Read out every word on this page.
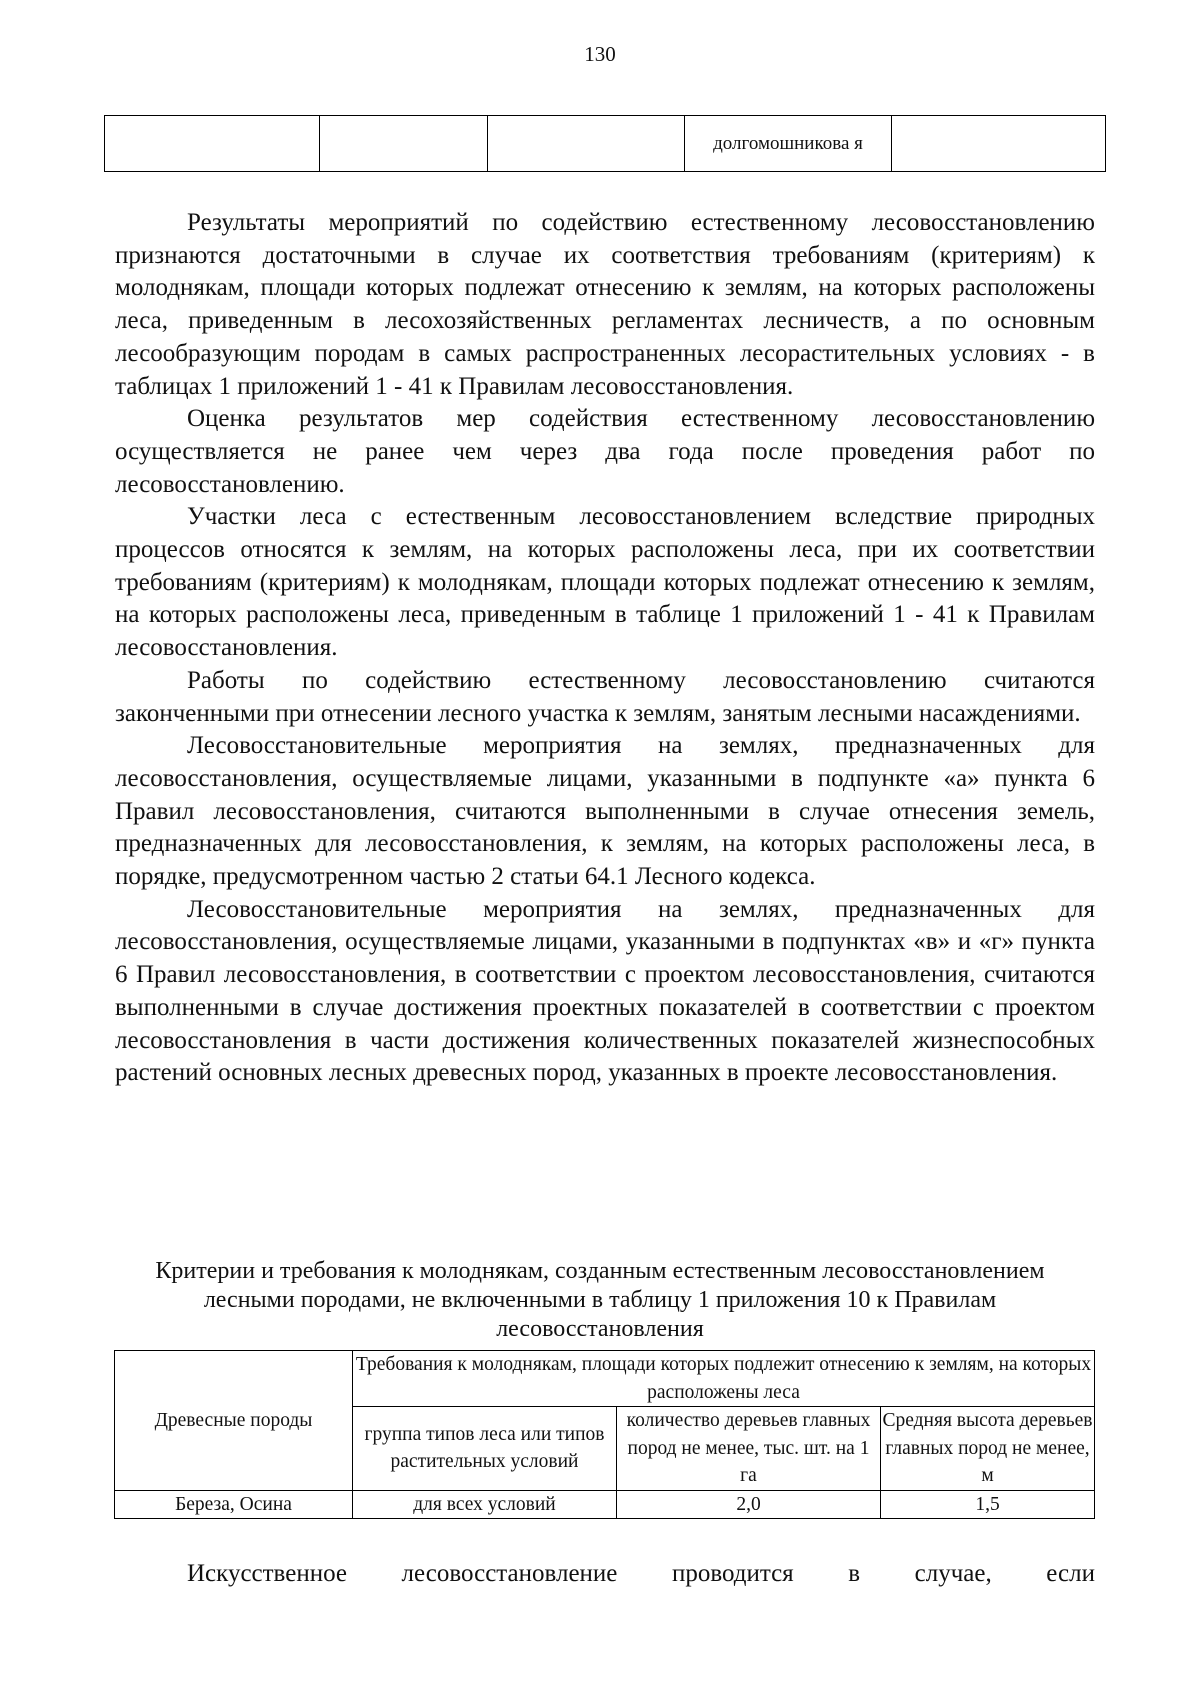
130
			долгомошникова я	

Результаты мероприятий по содействию естественному лесовосстановлению признаются достаточными в случае их соответствия требованиям (критериям) к молоднякам, площади которых подлежат отнесению к землям, на которых расположены леса, приведенным в лесохозяйственных регламентах лесничеств, а по основным лесообразующим породам в самых распространенных лесорастительных условиях - в таблицах 1 приложений 1 - 41 к Правилам лесовосстановления.

Оценка результатов мер содействия естественному лесовосстановлению осуществляется не ранее чем через два года после проведения работ по лесовосстановлению.

Участки леса с естественным лесовосстановлением вследствие природных процессов относятся к землям, на которых расположены леса, при их соответствии требованиям (критериям) к молоднякам, площади которых подлежат отнесению к землям, на которых расположены леса, приведенным в таблице 1 приложений 1 - 41 к Правилам лесовосстановления.

Работы по содействию естественному лесовосстановлению считаются законченными при отнесении лесного участка к землям, занятым лесными насаждениями.

Лесовосстановительные мероприятия на землях, предназначенных для лесовосстановления, осуществляемые лицами, указанными в подпункте «а» пункта 6 Правил лесовосстановления, считаются выполненными в случае отнесения земель, предназначенных для лесовосстановления, к землям, на которых расположены леса, в порядке, предусмотренном частью 2 статьи 64.1 Лесного кодекса.

Лесовосстановительные мероприятия на землях, предназначенных для лесовосстановления, осуществляемые лицами, указанными в подпунктах «в» и «г» пункта 6 Правил лесовосстановления, в соответствии с проектом лесовосстановления, считаются выполненными в случае достижения проектных показателей в соответствии с проектом лесовосстановления в части достижения количественных показателей жизнеспособных растений основных лесных древесных пород, указанных в проекте лесовосстановления.

Критерии и требования к молоднякам, созданным естественным лесовосстановлением лесными породами, не включенными в таблицу 1 приложения 10 к Правилам лесовосстановления
Древесные породы	Требования к молоднякам, площади которых подлежит отнесению к землям, на которых расположены леса		
	группа типов леса или типов растительных условий	количество деревьев главных пород не менее, тыс. шт. на 1 га	Средняя высота деревьев главных пород не менее, м
Береза, Осина	для всех условий	2,0	1,5
Искусственное лесовосстановление проводится в случае, если
